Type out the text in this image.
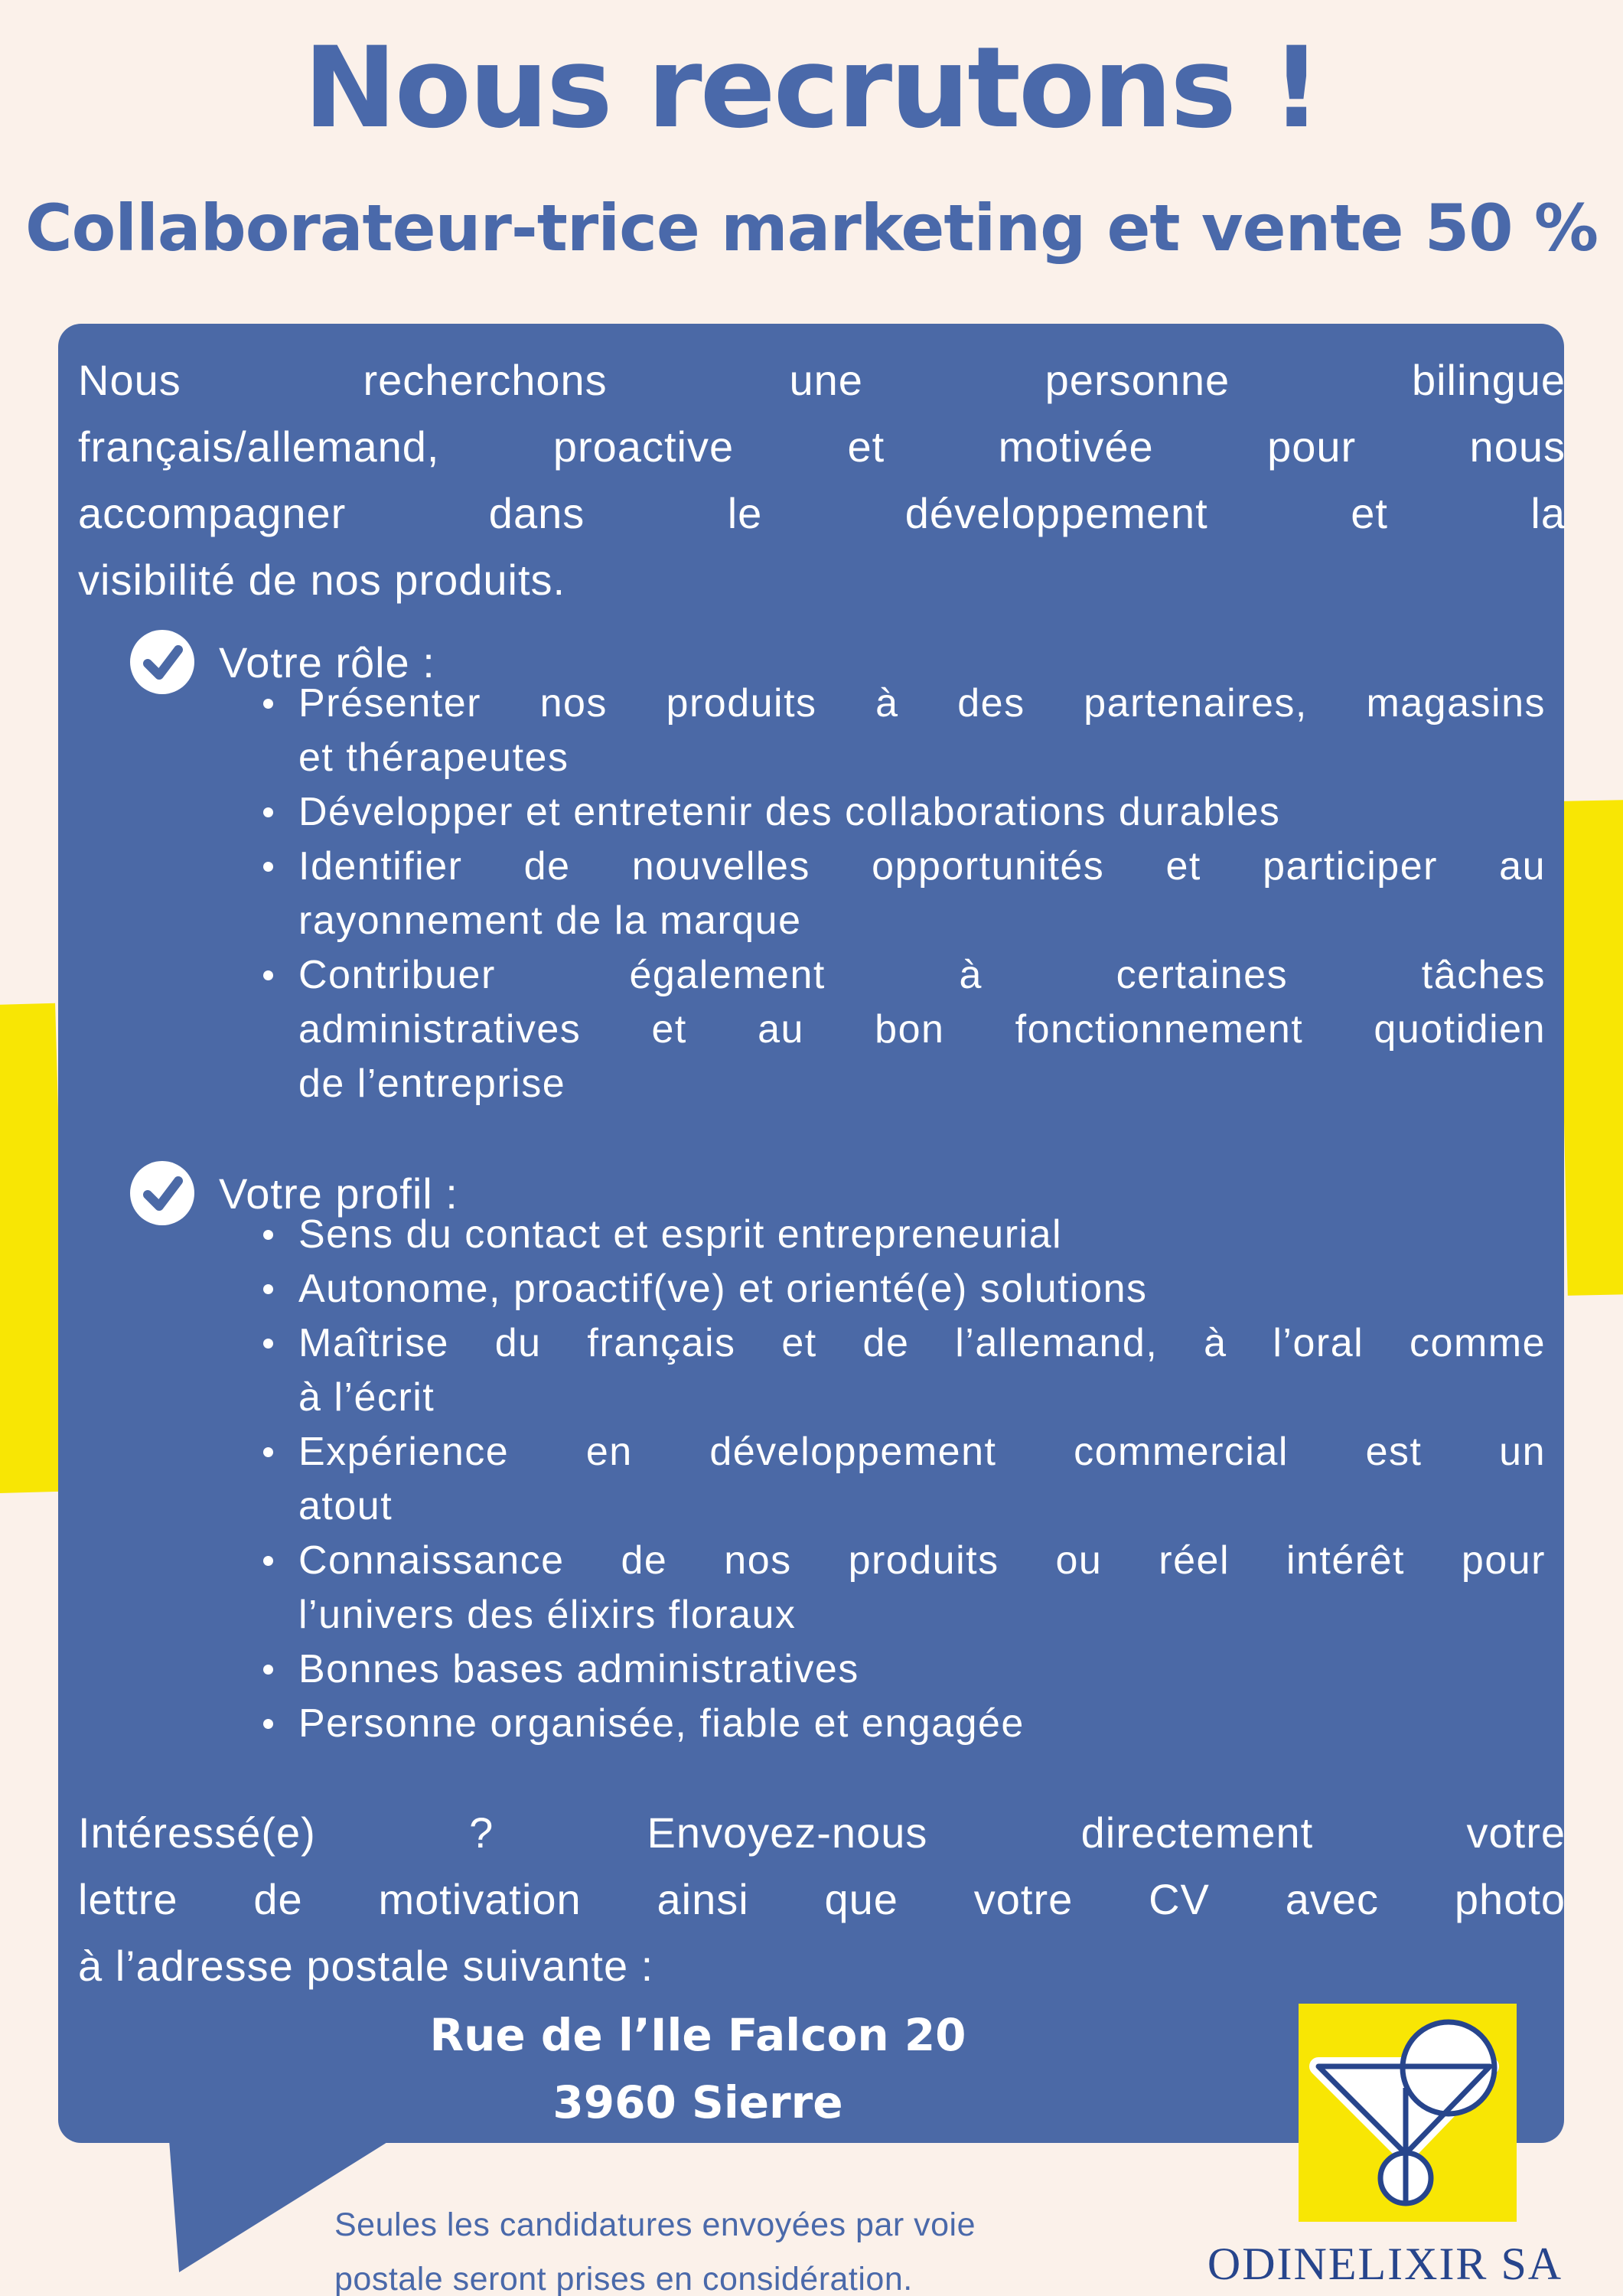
Nous recrutons !
Collaborateur-trice marketing et vente 50 %
Nous recherchons une personne bilingue
français/allemand, proactive et motivée pour nous
accompagner dans le développement et la
visibilité de nos produits.
Votre rôle :
Présenter nos produits à des partenaires, magasins
et thérapeutes
Développer et entretenir des collaborations durables
Identifier de nouvelles opportunités et participer au
rayonnement de la marque
Contribuer également à certaines tâches
administratives et au bon fonctionnement quotidien
de l’entreprise
Votre profil :
Sens du contact et esprit entrepreneurial
Autonome, proactif(ve) et orienté(e) solutions
Maîtrise du français et de l’allemand, à l’oral comme
à l’écrit
Expérience en développement commercial est un
atout
Connaissance de nos produits ou réel intérêt pour
l’univers des élixirs floraux
Bonnes bases administratives
Personne organisée, fiable et engagée
Intéressé(e) ? Envoyez-nous directement votre
lettre de motivation ainsi que votre CV avec photo
à l’adresse postale suivante :
Rue de l’Ile Falcon 20
3960 Sierre

Seules les candidatures envoyées par voie
postale seront prises en considération.	ODINELIXIR SA
